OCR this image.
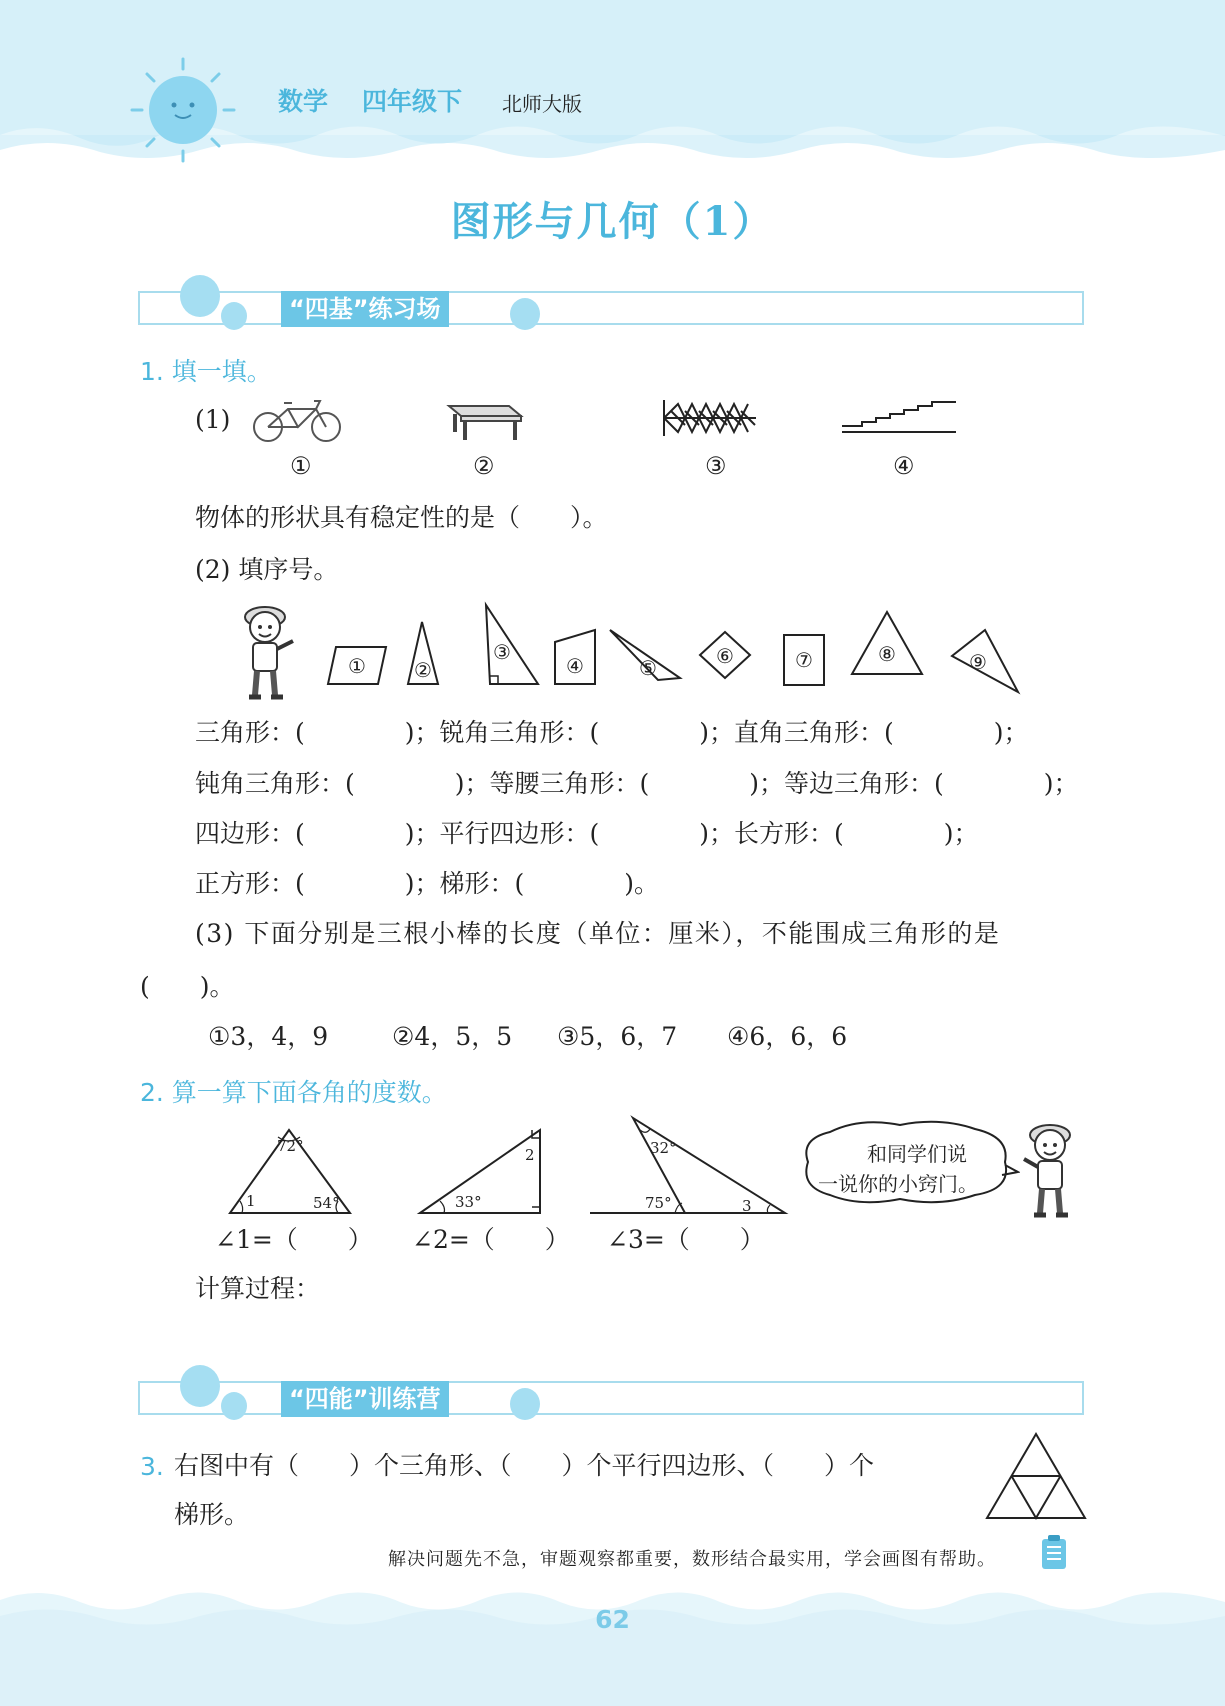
数学 四年级下 北师大版
图形与几何（1）
“四基”练习场
1. 填一填。
(1)
①	②	③	④
物体的形状具有稳定性的是（　　）。
(2) 填序号。
① ②
③
④	⑤	⑥	⑦	⑧	⑨
三角形：(　　　　)；锐角三角形：(　　　　)；直角三角形：(　　　　)；
钝角三角形：(　　　　)；等腰三角形：(　　　　)；等边三角形：(　　　　)；
四边形：(　　　　)；平行四边形：(　　　　)；长方形：(　　　　)；
正方形：(　　　　)；梯形：(　　　　)。
(3) 下面分别是三根小棒的长度（单位：厘米），不能围成三角形的是
(　　)。
①3，4，9	②4，5，5 ③5，6，7 ④6，6，6
2. 算一算下面各角的度数。
72°
1	54°
2
33°
32°
75°	3
∠1=（　　） ∠2=（　　） ∠3=（　　）
和同学们说
一说你的小窍门。
计算过程：
“四能”训练营
3. 右图中有（　　）个三角形、（　　）个平行四边形、（　　）个
梯形。
解决问题先不急，审题观察都重要，数形结合最实用，学会画图有帮助。
62
